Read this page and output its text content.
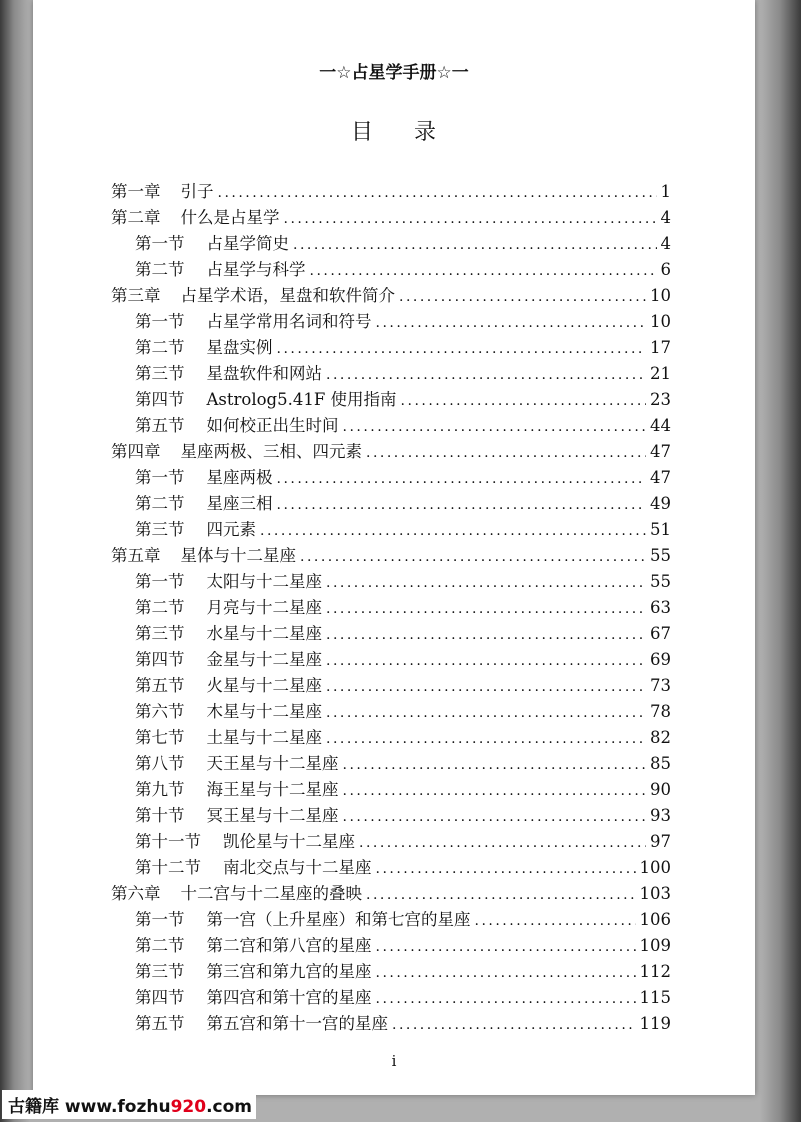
一☆占星学手册☆一
目 录
第一章	引子 .....	1
第二章	什么是占星学 .....	4
第一节	占星学简史 .....	4
第二节	占星学与科学 .....	6
第三章	占星学术语，星盘和软件简介 .....	10
第一节	占星学常用名词和符号 .....	10
第二节	星盘实例 .....	17
第三节	星盘软件和网站 .....	21
第四节	Astrolog5.41F 使用指南 .....	23
第五节	如何校正出生时间 .....	44
第四章	星座两极、三相、四元素 .....	47
第一节	星座两极 .....	47
第二节	星座三相 .....	49
第三节	四元素 .....	51
第五章	星体与十二星座 .....	55
第一节	太阳与十二星座 .....	55
第二节	月亮与十二星座 .....	63
第三节	水星与十二星座 .....	67
第四节	金星与十二星座 .....	69
第五节	火星与十二星座 .....	73
第六节	木星与十二星座 .....	78
第七节	土星与十二星座 .....	82
第八节	天王星与十二星座 .....	85
第九节	海王星与十二星座 .....	90
第十节	冥王星与十二星座 .....	93
第十一节	凯伦星与十二星座 .....	97
第十二节	南北交点与十二星座 .....	100
第六章	十二宫与十二星座的叠映 .....	103
第一节	第一宫（上升星座）和第七宫的星座 .....	106
第二节	第二宫和第八宫的星座 .....	109
第三节	第三宫和第九宫的星座 .....	112
第四节	第四宫和第十宫的星座 .....	115
第五节	第五宫和第十一宫的星座 .....	119
i
古籍库 www.fozhu920.com
